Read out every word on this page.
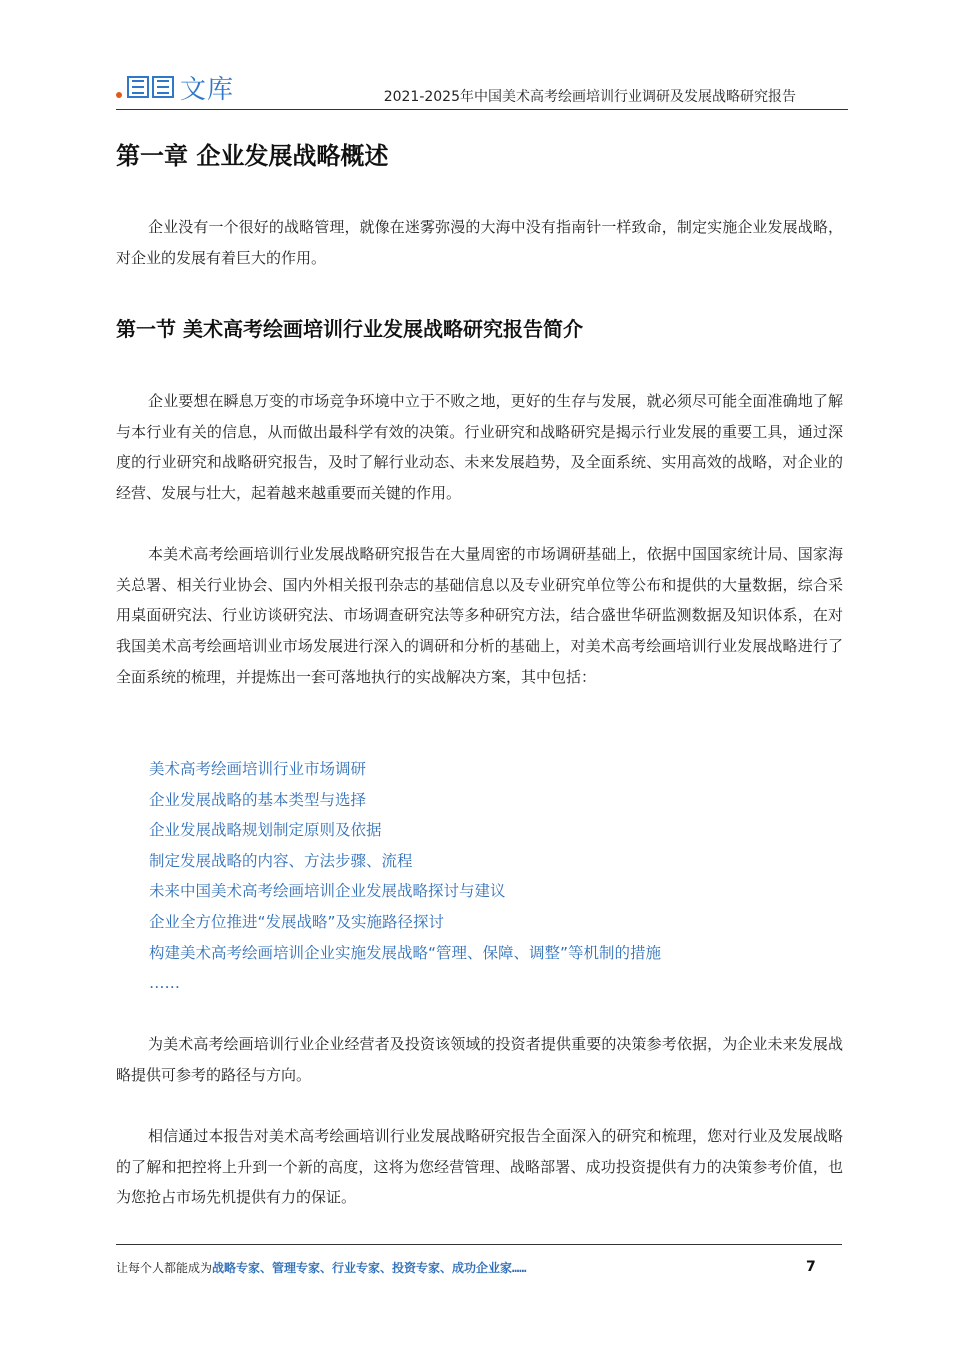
文库	2021-2025年中国美术高考绘画培训行业调研及发展战略研究报告
第一章 企业发展战略概述

企业没有一个很好的战略管理，就像在迷雾弥漫的大海中没有指南针一样致命，制定实施企业发展战略，对企业的发展有着巨大的作用。

第一节 美术高考绘画培训行业发展战略研究报告简介

企业要想在瞬息万变的市场竞争环境中立于不败之地，更好的生存与发展，就必须尽可能全面准确地了解与本行业有关的信息，从而做出最科学有效的决策。行业研究和战略研究是揭示行业发展的重要工具，通过深度的行业研究和战略研究报告，及时了解行业动态、未来发展趋势，及全面系统、实用高效的战略，对企业的经营、发展与壮大，起着越来越重要而关键的作用。

本美术高考绘画培训行业发展战略研究报告在大量周密的市场调研基础上，依据中国国家统计局、国家海关总署、相关行业协会、国内外相关报刊杂志的基础信息以及专业研究单位等公布和提供的大量数据，综合采用桌面研究法、行业访谈研究法、市场调查研究法等多种研究方法，结合盛世华研监测数据及知识体系，在对我国美术高考绘画培训业市场发展进行深入的调研和分析的基础上，对美术高考绘画培训行业发展战略进行了全面系统的梳理，并提炼出一套可落地执行的实战解决方案，其中包括：

美术高考绘画培训行业市场调研
企业发展战略的基本类型与选择
企业发展战略规划制定原则及依据
制定发展战略的内容、方法步骤、流程
未来中国美术高考绘画培训企业发展战略探讨与建议
企业全方位推进“发展战略”及实施路径探讨
构建美术高考绘画培训企业实施发展战略“管理、保障、调整”等机制的措施
……

为美术高考绘画培训行业企业经营者及投资该领域的投资者提供重要的决策参考依据，为企业未来发展战略提供可参考的路径与方向。

相信通过本报告对美术高考绘画培训行业发展战略研究报告全面深入的研究和梳理，您对行业及发展战略的了解和把控将上升到一个新的高度，这将为您经营管理、战略部署、成功投资提供有力的决策参考价值，也为您抢占市场先机提供有力的保证。

让每个人都能成为战略专家、管理专家、行业专家、投资专家、成功企业家……	7
